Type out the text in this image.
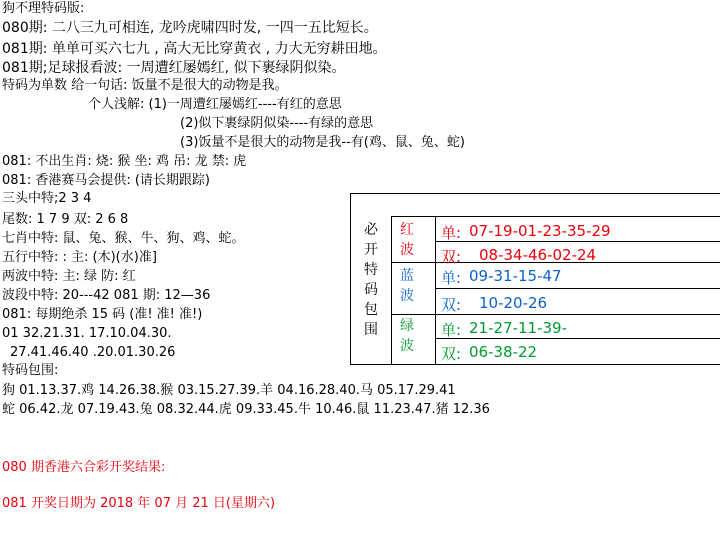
狗不理特码版:
080期: 二八三九可相连, 龙吟虎啸四时发, 一四一五比短长。
081期: 单单可买六七九 , 高大无比穿黄衣 , 力大无穷耕田地。
081期;足球报看波: 一周遭红屡嫣红, 似下裹绿阴似染。
特码为单数 给一句话: 饭量不是很大的动物是我。
个人浅解: (1)一周遭红屡嫣红----有红的意思
(2)似下裹绿阴似染----有绿的意思
(3)饭量不是很大的动物是我--有(鸡、鼠、兔、蛇)
081: 不出生肖: 烧: 猴 坐: 鸡 吊: 龙 禁: 虎
081: 香港赛马会提供: (请长期跟踪)
三头中特;2 3 4
尾数: 1 7 9 双: 2 6 8
七肖中特: 鼠、兔、猴、牛、狗、鸡、蛇。
五行中特: : 主: (木)(水)准]
两波中特: 主: 绿 防: 红
波段中特: 20---42 081 期: 12—36
081: 每期绝杀 15 码 (准! 准! 准!)
01 32.21.31. 17.10.04.30.
27.41.46.40 .20.01.30.26
特码包围:
狗 01.13.37.鸡 14.26.38.猴 03.15.27.39.羊 04.16.28.40.马 05.17.29.41
蛇 06.42.龙 07.19.43.兔 08.32.44.虎 09.33.45.牛 10.46.鼠 11.23.47.猪 12.36
080 期香港六合彩开奖结果:
081 开奖日期为 2018 年 07 月 21 日(星期六)
必开特码包围
红波
蓝波
绿波
单: 07-19-01-23-35-29
双: 08-34-46-02-24
单: 09-31-15-47
双: 10-20-26
单: 21-27-11-39-
双: 06-38-22
